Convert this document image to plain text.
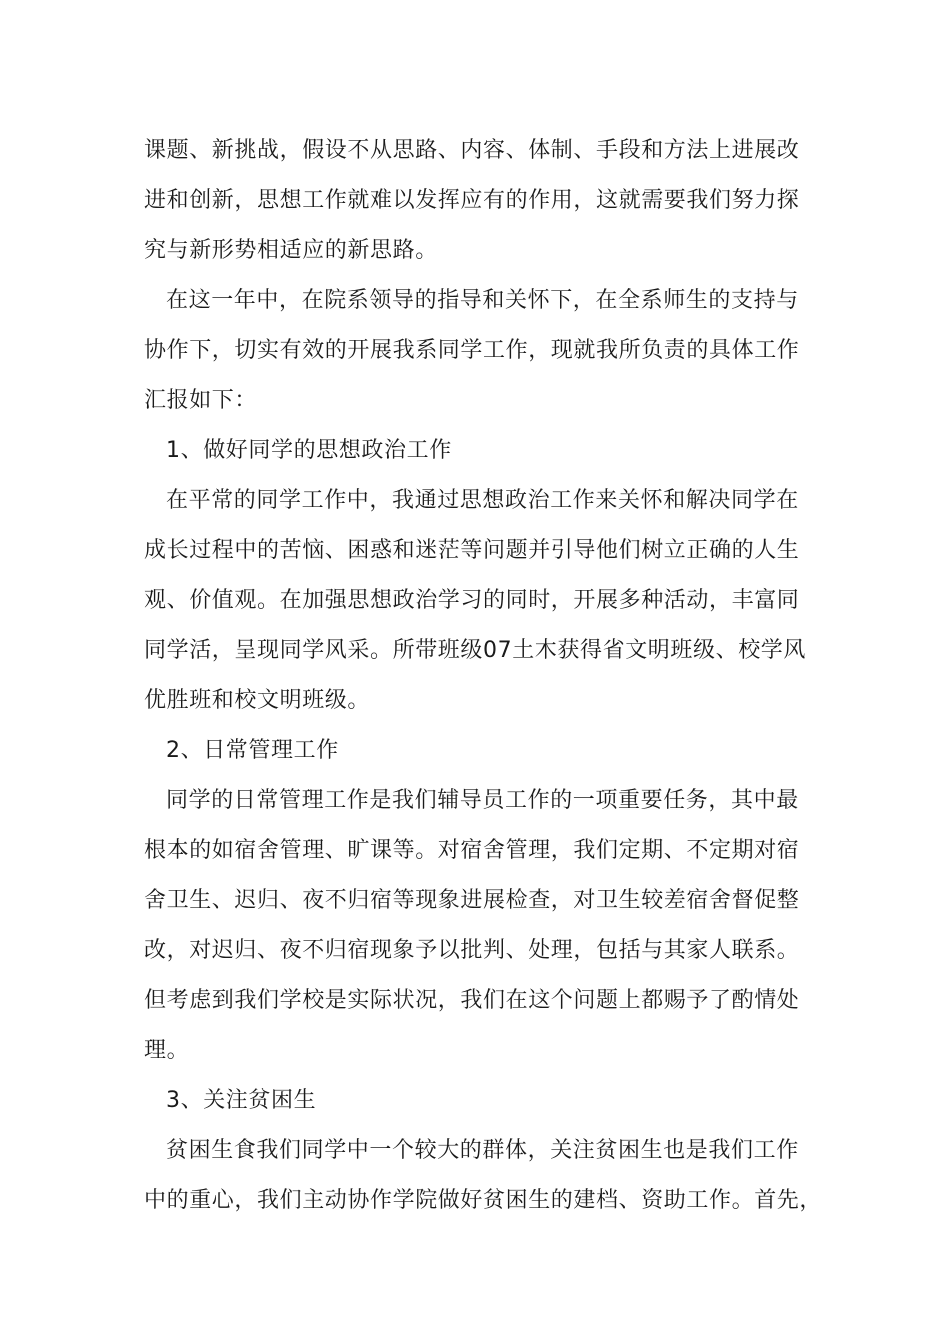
课题、新挑战，假设不从思路、内容、体制、手段和方法上进展改
进和创新，思想工作就难以发挥应有的作用，这就需要我们努力探
究与新形势相适应的新思路。
在这一年中，在院系领导的指导和关怀下，在全系师生的支持与
协作下，切实有效的开展我系同学工作，现就我所负责的具体工作
汇报如下：
1、做好同学的思想政治工作
在平常的同学工作中，我通过思想政治工作来关怀和解决同学在
成长过程中的苦恼、困惑和迷茫等问题并引导他们树立正确的人生
观、价值观。在加强思想政治学习的同时，开展多种活动，丰富同
同学活，呈现同学风采。所带班级07土木获得省文明班级、校学风
优胜班和校文明班级。
2、日常管理工作
同学的日常管理工作是我们辅导员工作的一项重要任务，其中最
根本的如宿舍管理、旷课等。对宿舍管理，我们定期、不定期对宿
舍卫生、迟归、夜不归宿等现象进展检查，对卫生较差宿舍督促整
改，对迟归、夜不归宿现象予以批判、处理，包括与其家人联系。
但考虑到我们学校是实际状况，我们在这个问题上都赐予了酌情处
理。
3、关注贫困生
贫困生食我们同学中一个较大的群体，关注贫困生也是我们工作
中的重心，我们主动协作学院做好贫困生的建档、资助工作。首先，
